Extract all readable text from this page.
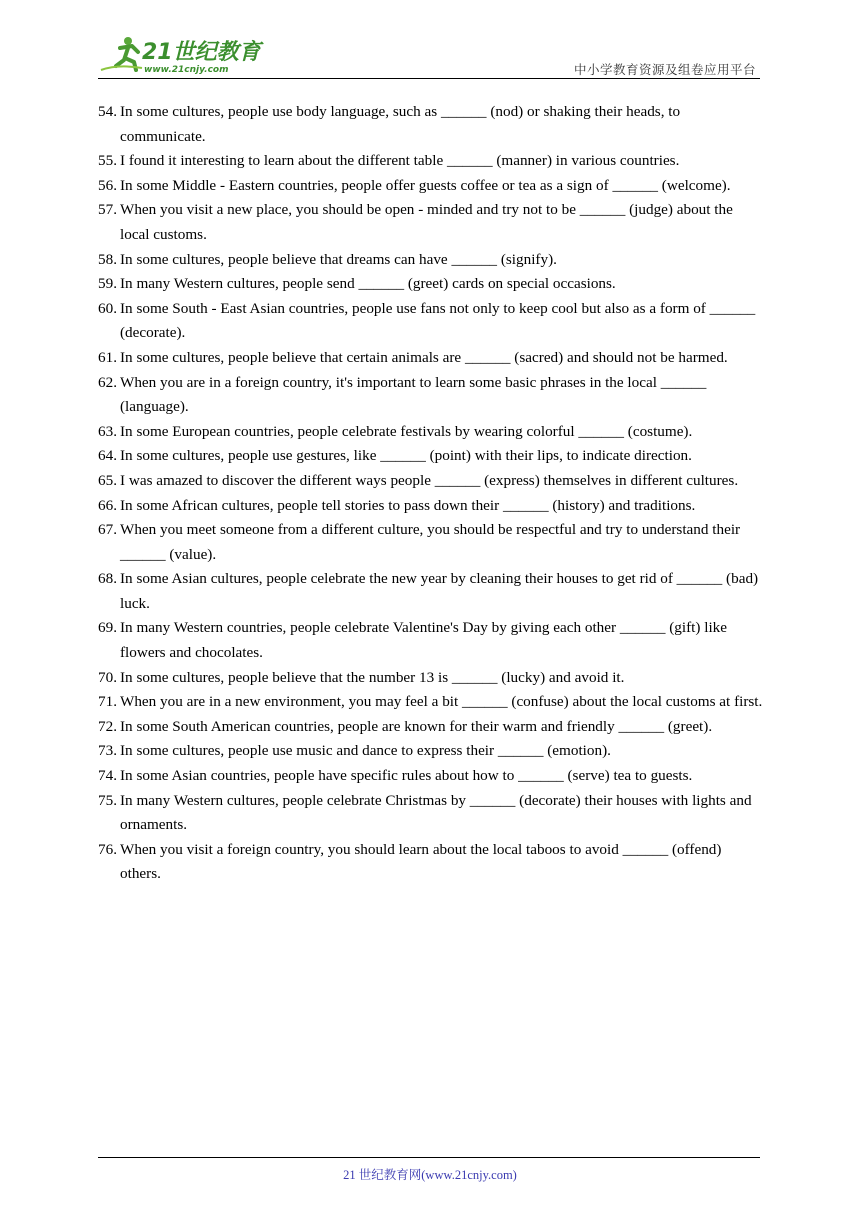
21世纪教育
www.21cnjy.com	中小学教育资源及组卷应用平台
54. In some cultures, people use body language, such as ______ (nod) or shaking their heads, to communicate.
55. I found it interesting to learn about the different table ______ (manner) in various countries.
56. In some Middle - Eastern countries, people offer guests coffee or tea as a sign of ______ (welcome).
57. When you visit a new place, you should be open - minded and try not to be ______ (judge) about the local customs.
58. In some cultures, people believe that dreams can have ______ (signify).
59. In many Western cultures, people send ______ (greet) cards on special occasions.
60. In some South - East Asian countries, people use fans not only to keep cool but also as a form of ______ (decorate).
61. In some cultures, people believe that certain animals are ______ (sacred) and should not be harmed.
62. When you are in a foreign country, it's important to learn some basic phrases in the local ______ (language).
63. In some European countries, people celebrate festivals by wearing colorful ______ (costume).
64. In some cultures, people use gestures, like ______ (point) with their lips, to indicate direction.
65. I was amazed to discover the different ways people ______ (express) themselves in different cultures.
66. In some African cultures, people tell stories to pass down their ______ (history) and traditions.
67. When you meet someone from a different culture, you should be respectful and try to understand their ______ (value).
68. In some Asian cultures, people celebrate the new year by cleaning their houses to get rid of ______ (bad) luck.
69. In many Western countries, people celebrate Valentine's Day by giving each other ______ (gift) like flowers and chocolates.
70. In some cultures, people believe that the number 13 is ______ (lucky) and avoid it.
71. When you are in a new environment, you may feel a bit ______ (confuse) about the local customs at first.
72. In some South American countries, people are known for their warm and friendly ______ (greet).
73. In some cultures, people use music and dance to express their ______ (emotion).
74. In some Asian countries, people have specific rules about how to ______ (serve) tea to guests.
75. In many Western cultures, people celebrate Christmas by ______ (decorate) their houses with lights and ornaments.
76. When you visit a foreign country, you should learn about the local taboos to avoid ______ (offend) others.
21 世纪教育网(www.21cnjy.com)
